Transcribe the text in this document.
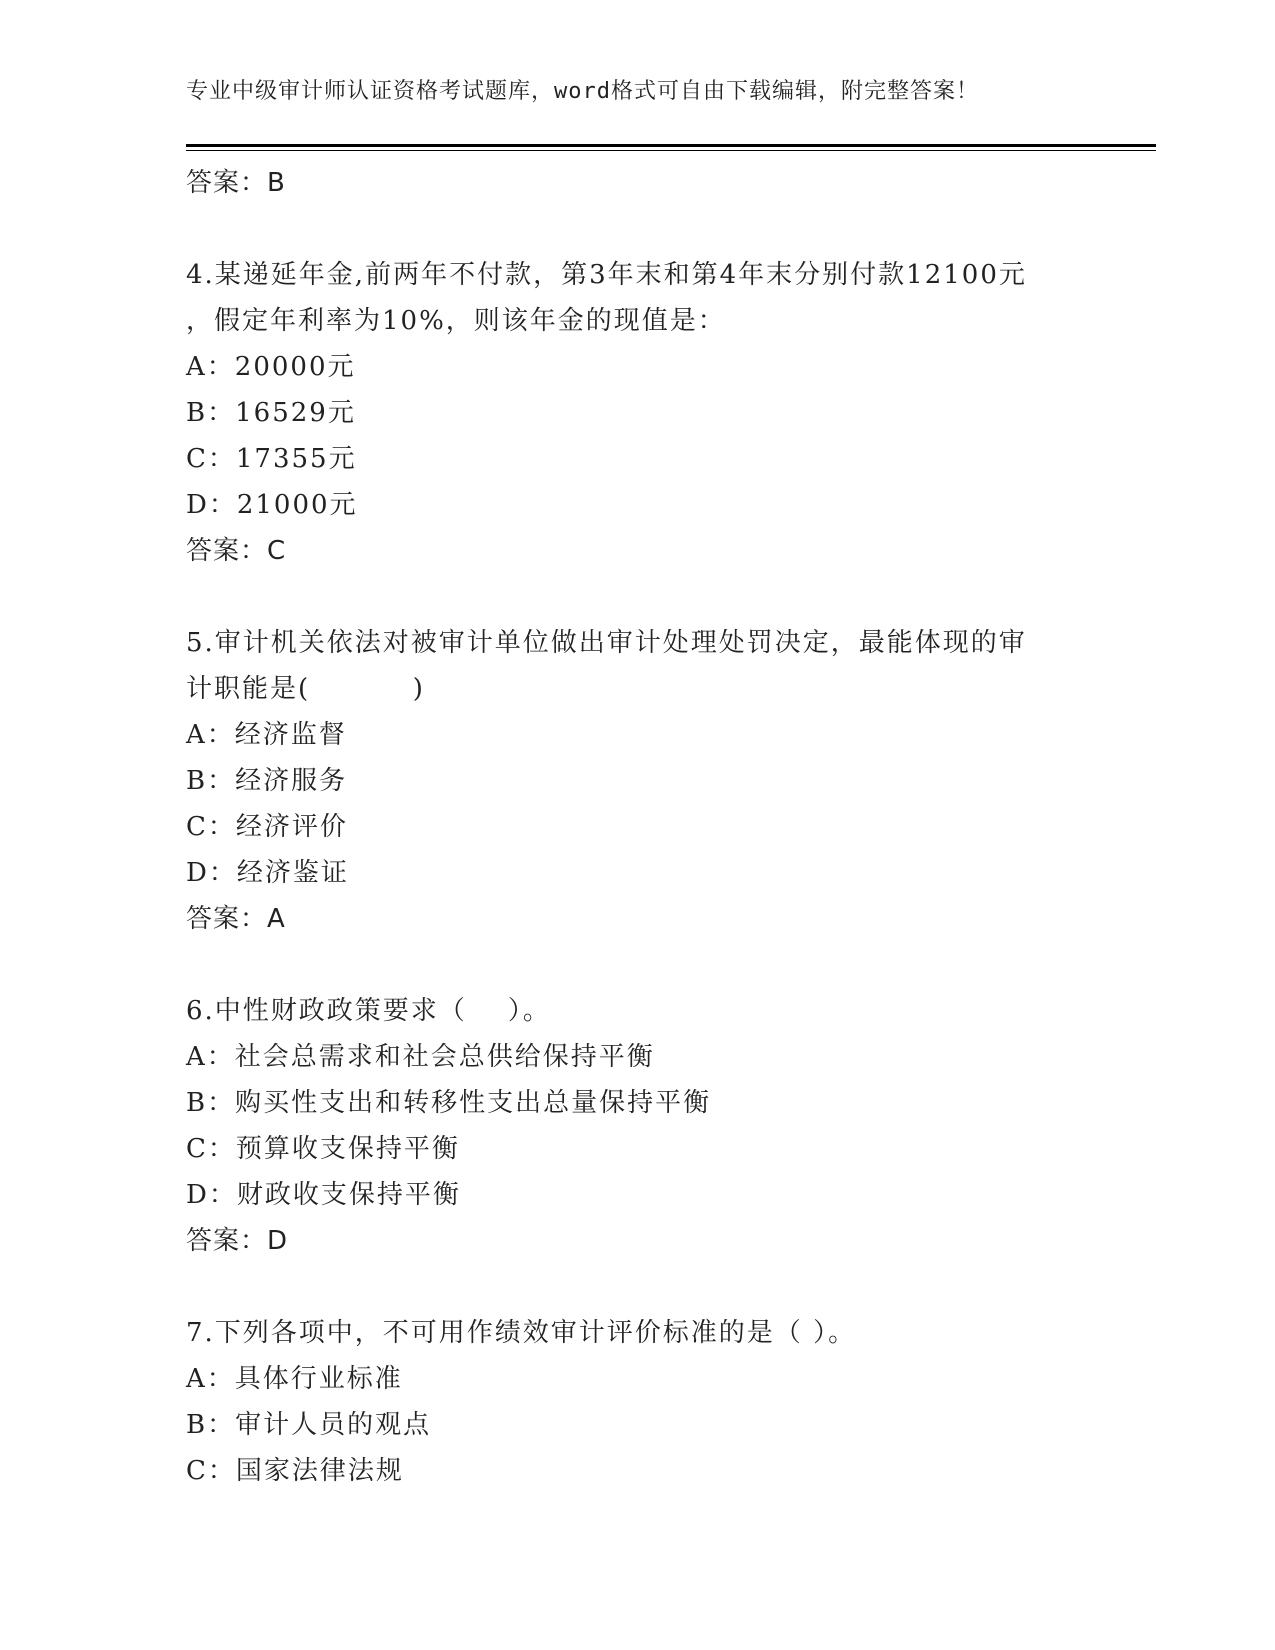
专业中级审计师认证资格考试题库，word格式可自由下载编辑，附完整答案！
答案：B
4.某递延年金,前两年不付款，第3年末和第4年末分别付款12100元
，假定年利率为10%，则该年金的现值是：
A：20000元
B：16529元
C：17355元
D：21000元
答案：C
5.审计机关依法对被审计单位做出审计处理处罚决定，最能体现的审
计职能是(          )
A：经济监督
B：经济服务
C：经济评价
D：经济鉴证
答案：A
6.中性财政政策要求（    ）。
A：社会总需求和社会总供给保持平衡
B：购买性支出和转移性支出总量保持平衡
C：预算收支保持平衡
D：财政收支保持平衡
答案：D
7.下列各项中，不可用作绩效审计评价标准的是（ ）。
A：具体行业标准
B：审计人员的观点
C：国家法律法规
